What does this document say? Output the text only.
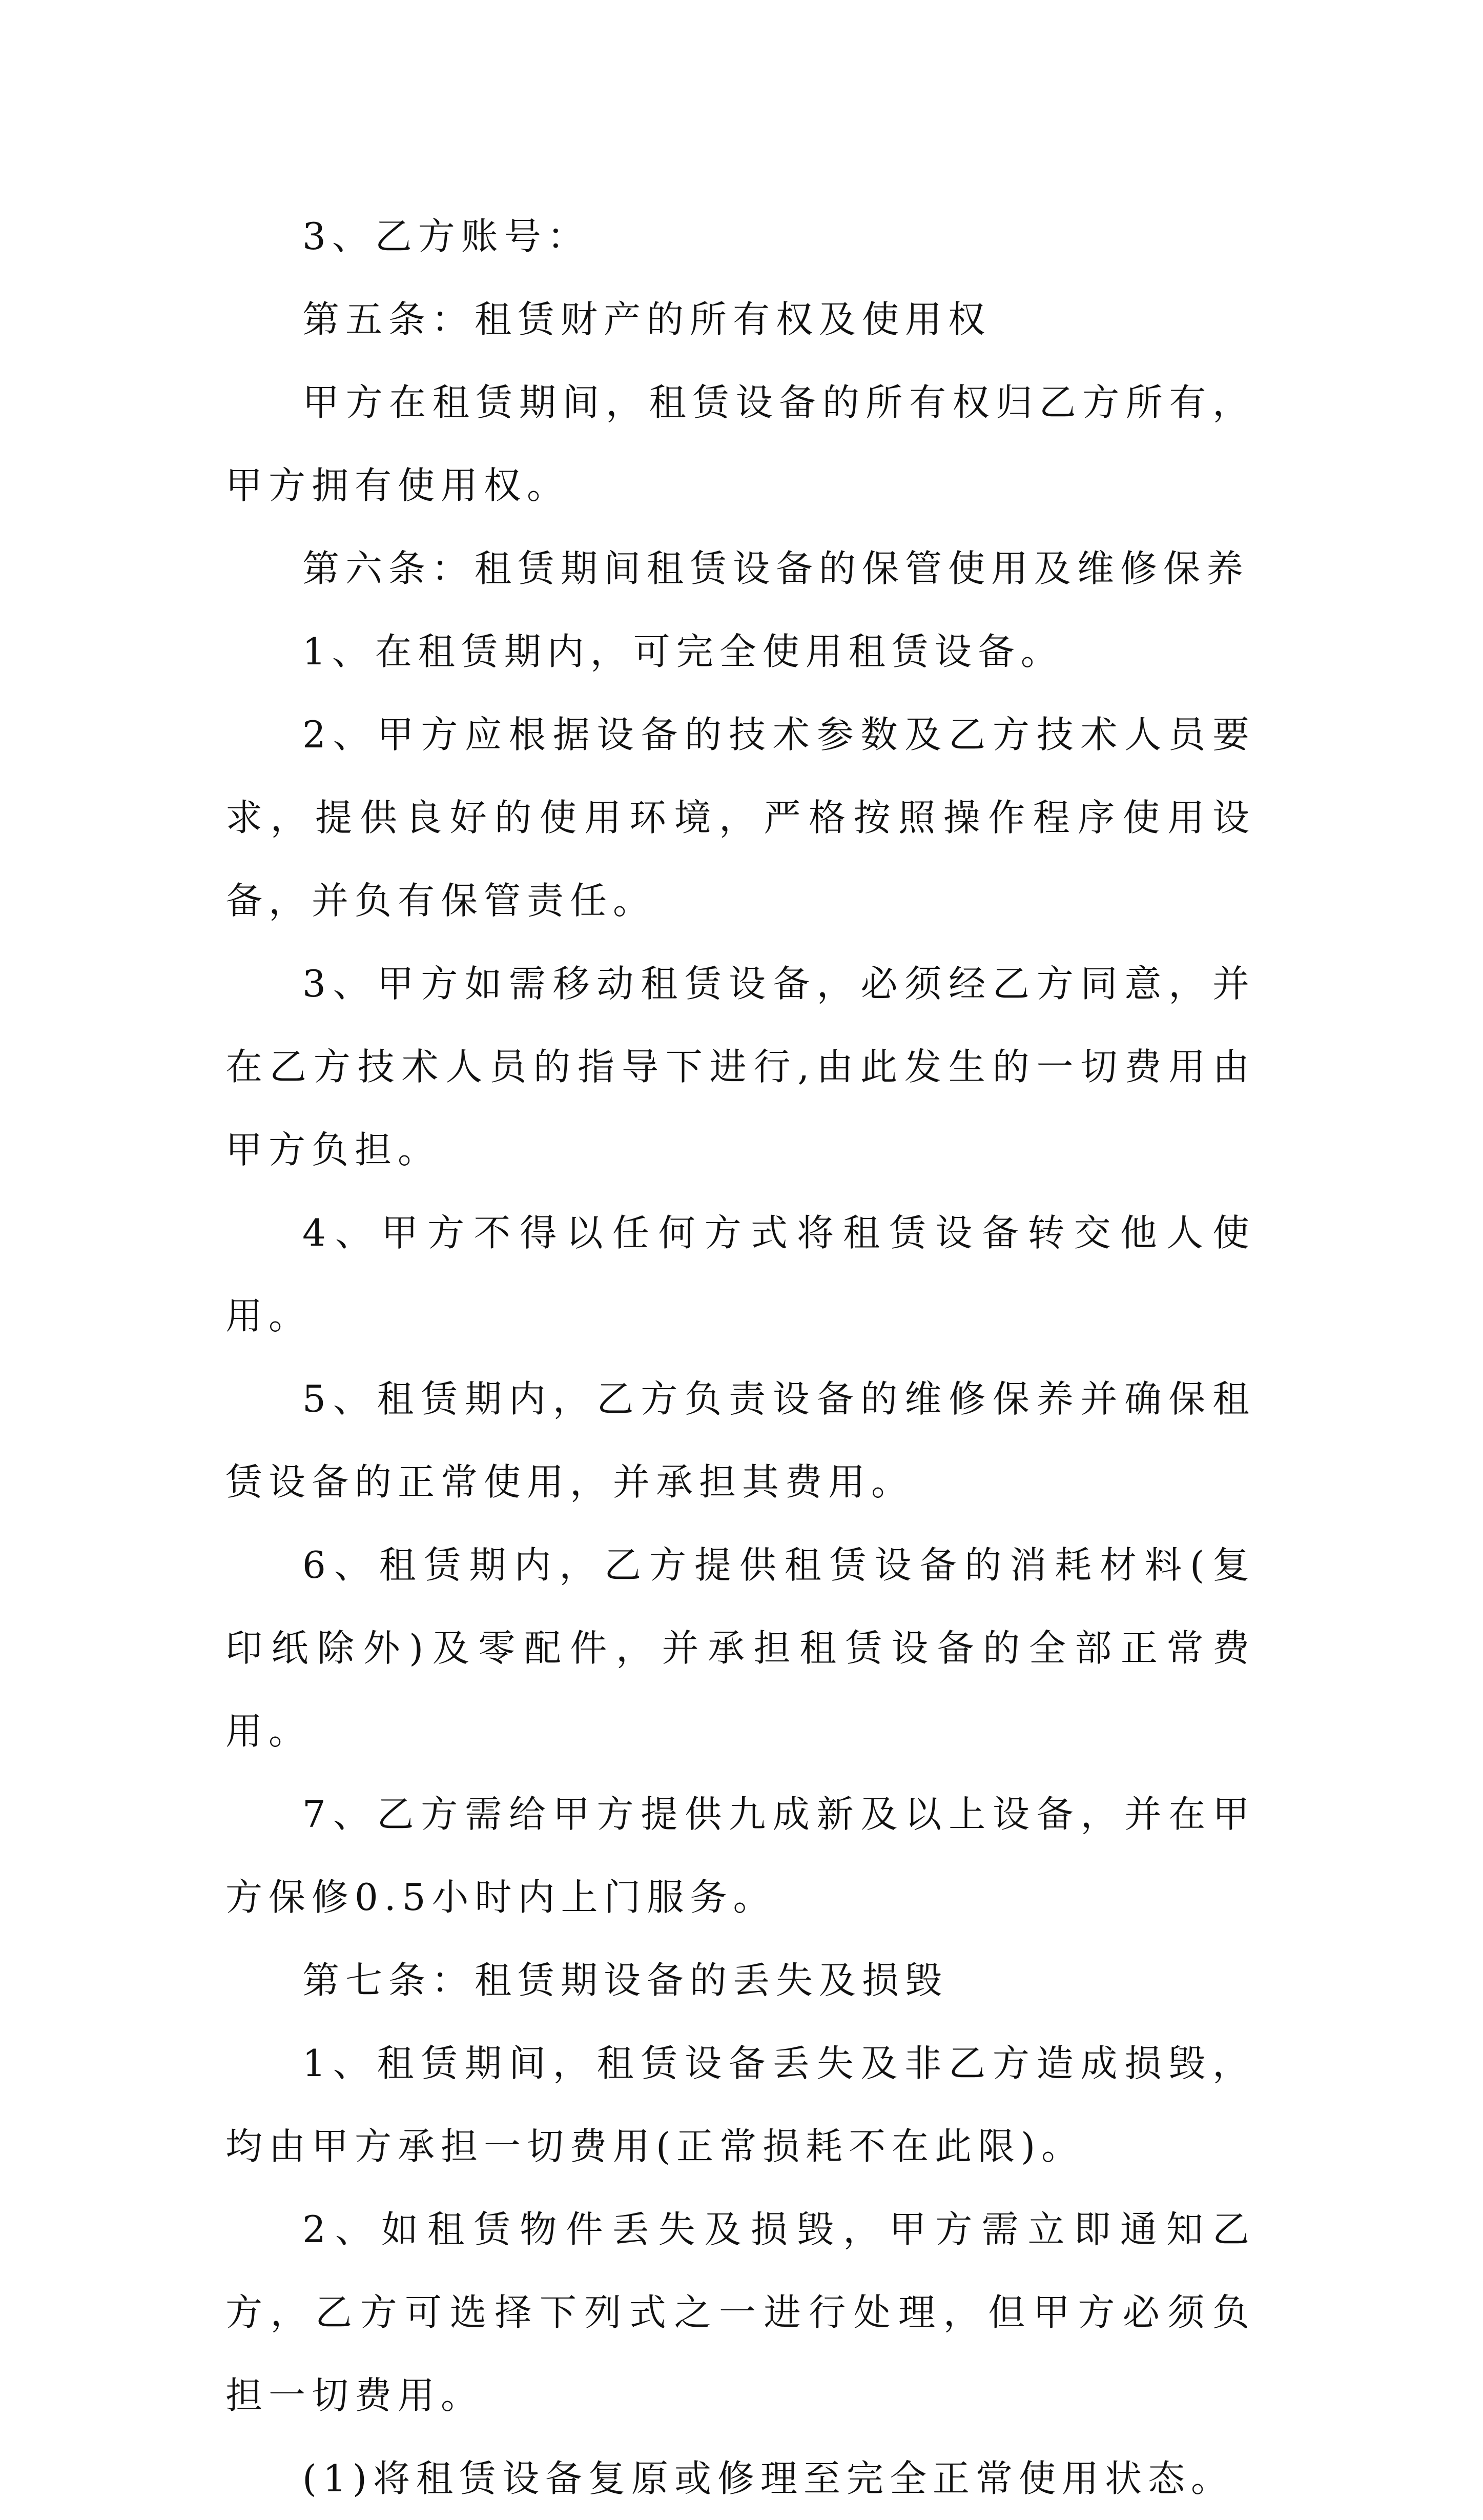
3、乙方账号：

第五条：租赁财产的所有权及使用权

甲方在租赁期间，租赁设备的所有权归乙方所有，甲方拥有使用权。

第六条：租赁期间租赁设备的保管使用及维修保养

1、在租赁期内，可完全使用租赁设备。

2、甲方应根据设备的技术参数及乙方技术人员要求，提供良好的使用环境，严格按照操作程序使用设备，并负有保管责任。

3、甲方如需移动租赁设备，必须经乙方同意，并在乙方技术人员的指导下进行,由此发生的一切费用由甲方负担。

4、甲方不得以任何方式将租赁设备转交他人使用。

5、租赁期内，乙方负责设备的维修保养并确保租赁设备的正常使用，并承担其费用。

6、租赁期内，乙方提供租赁设备的消耗材料(复印纸除外)及零配件，并承担租赁设备的全部正常费用。

7、乙方需给甲方提供九成新及以上设备，并在甲方保修0.5小时内上门服务。

第七条：租赁期设备的丢失及损毁

1、租赁期间，租赁设备丢失及非乙方造成损毁，均由甲方承担一切费用(正常损耗不在此限)。

2、如租赁物件丢失及损毁，甲方需立即通知乙方，乙方可选择下列式之一进行处理，但甲方必须负担一切费用。

(1)将租赁设备复原或修理至完全正常使用状态。
